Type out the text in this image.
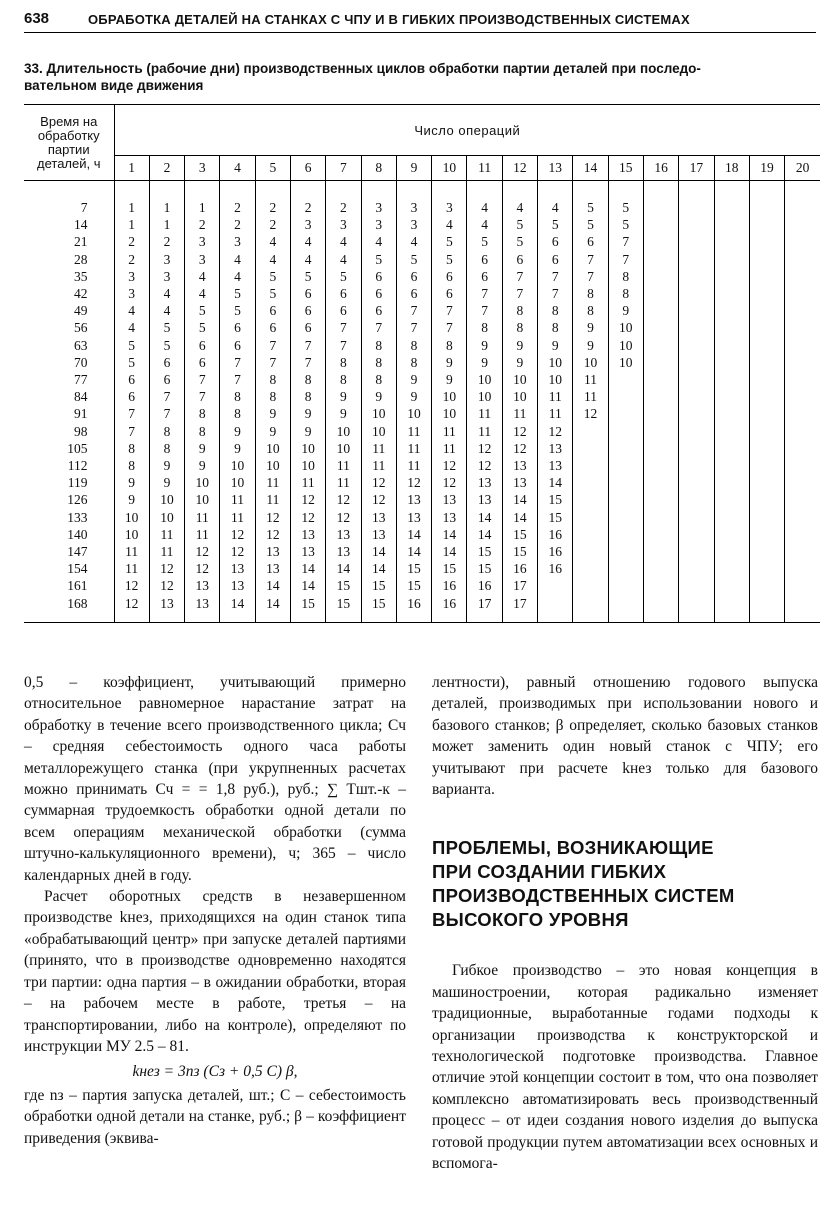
638	ОБРАБОТКА ДЕТАЛЕЙ НА СТАНКАХ С ЧПУ И В ГИБКИХ ПРОИЗВОДСТВЕННЫХ СИСТЕМАХ
33. Длительность (рабочие дни) производственных циклов обработки партии деталей при последо-
вательном виде движения
Время на обработку партии деталей, ч	Число операций																			
	1	2	3	4	5	6	7	8	9	10	11	12	13	14	15	16	17	18	19	20
7	1	1	1	2	2	2	2	3	3	3	4	4	4	5	5					
14	1	1	2	2	2	3	3	3	3	4	4	5	5	5	5					
21	2	2	3	3	4	4	4	4	4	5	5	5	6	6	7					
28	2	3	3	4	4	4	4	5	5	5	6	6	6	7	7					
35	3	3	4	4	5	5	5	6	6	6	6	7	7	7	8					
42	3	4	4	5	5	6	6	6	6	6	7	7	7	8	8					
49	4	4	5	5	6	6	6	6	7	7	7	8	8	8	9					
56	4	5	5	6	6	6	7	7	7	7	8	8	8	9	10					
63	5	5	6	6	7	7	7	8	8	8	9	9	9	9	10					
70	5	6	6	7	7	7	8	8	8	9	9	9	10	10	10					
77	6	6	7	7	8	8	8	8	9	9	10	10	10	11						
84	6	7	7	8	8	8	9	9	9	10	10	10	11	11						
91	7	7	8	8	9	9	9	10	10	10	11	11	11	12						
98	7	8	8	9	9	9	10	10	11	11	11	12	12							
105	8	8	9	9	10	10	10	11	11	11	12	12	13							
112	8	9	9	10	10	10	11	11	11	12	12	13	13							
119	9	9	10	10	11	11	11	12	12	12	13	13	14							
126	9	10	10	11	11	12	12	12	13	13	13	14	15							
133	10	10	11	11	12	12	12	13	13	13	14	14	15							
140	10	11	11	12	12	13	13	13	14	14	14	15	16							
147	11	11	12	12	13	13	13	14	14	14	15	15	16							
154	11	12	12	13	13	14	14	14	15	15	15	16	16							
161	12	12	13	13	14	14	15	15	15	16	16	17								
168	12	13	13	14	14	15	15	15	16	16	17	17								

0,5 – коэффициент, учитывающий примерно относительное равномерное нарастание затрат на обработку в течение всего производственного цикла; Сч – средняя себестоимость одного часа работы металлорежущего станка (при укрупненных расчетах можно принимать Сч = = 1,8 руб.), руб.; ∑ Тшт.-к – суммарная трудоемкость обработки одной детали по всем операциям механической обработки (сумма штучно-калькуляционного времени), ч; 365 – число календарных дней в году.

Расчет оборотных средств в незавершенном производстве kнез, приходящихся на один станок типа «обрабатывающий центр» при запуске деталей партиями (принято, что в производстве одновременно находятся три партии: одна партия – в ожидании обработки, вторая – на рабочем месте в работе, третья – на транспортировании, либо на контроле), определяют по инструкции МУ 2.5 – 81.

kнез = 3nз (Сз + 0,5 С) β,

где nз – партия запуска деталей, шт.; С – себестоимость обработки одной детали на станке, руб.; β – коэффициент приведения (эквива-

лентности), равный отношению годового выпуска деталей, производимых при использовании нового и базового станков; β определяет, сколько базовых станков может заменить один новый станок с ЧПУ; его учитывают при расчете kнез только для базового варианта.

ПРОБЛЕМЫ, ВОЗНИКАЮЩИЕ
ПРИ СОЗДАНИИ ГИБКИХ
ПРОИЗВОДСТВЕННЫХ СИСТЕМ
ВЫСОКОГО УРОВНЯ

Гибкое производство – это новая концепция в машиностроении, которая радикально изменяет традиционные, выработанные годами подходы к организации производства к конструкторской и технологической подготовке производства. Главное отличие этой концепции состоит в том, что она позволяет комплексно автоматизировать весь производственный процесс – от идеи создания нового изделия до выпуска готовой продукции путем автоматизации всех основных и вспомога-
